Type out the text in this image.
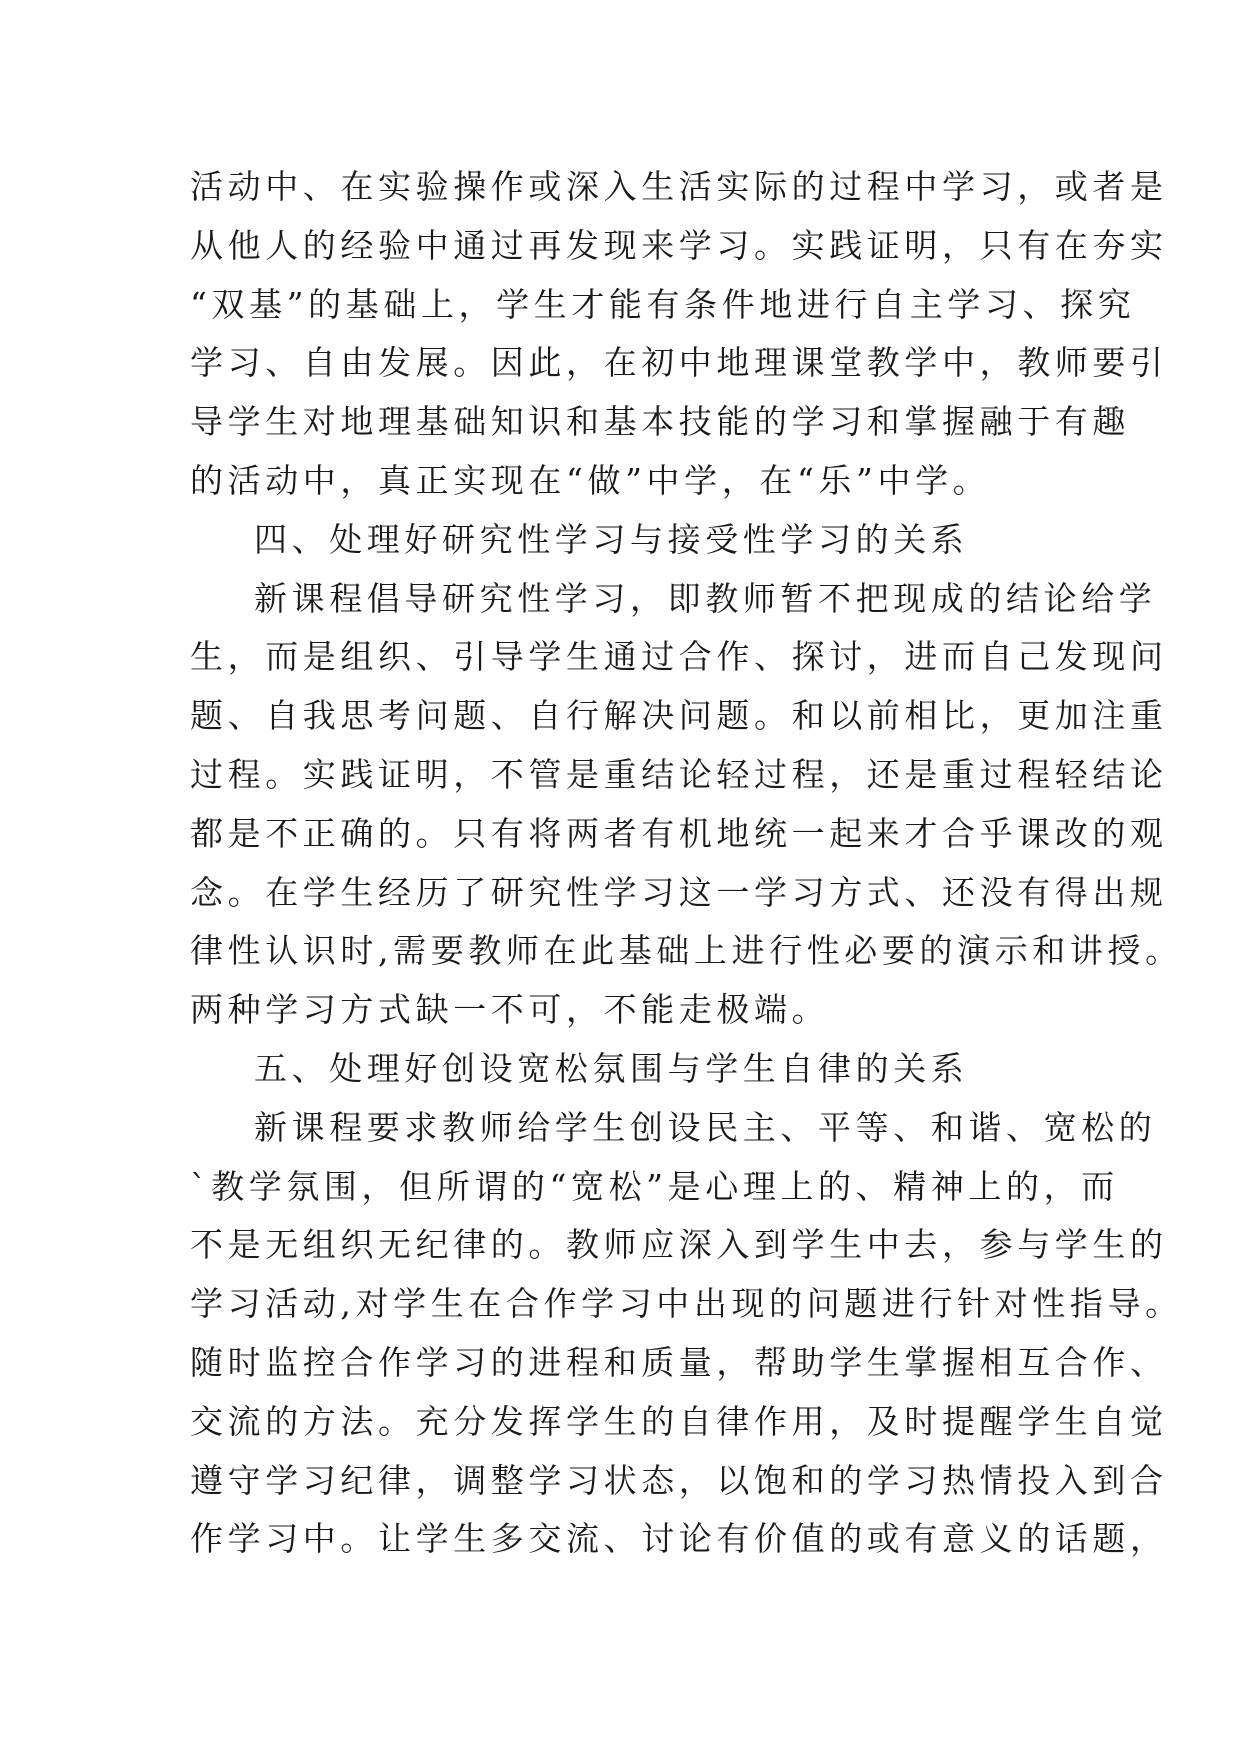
活动中、在实验操作或深入生活实际的过程中学习，或者是
从他人的经验中通过再发现来学习。实践证明，只有在夯实
“双基”的基础上，学生才能有条件地进行自主学习、探究
学习、自由发展。因此，在初中地理课堂教学中，教师要引
导学生对地理基础知识和基本技能的学习和掌握融于有趣
的活动中，真正实现在“做”中学，在“乐”中学。
四、处理好研究性学习与接受性学习的关系
新课程倡导研究性学习，即教师暂不把现成的结论给学
生，而是组织、引导学生通过合作、探讨，进而自己发现问
题、自我思考问题、自行解决问题。和以前相比，更加注重
过程。实践证明，不管是重结论轻过程，还是重过程轻结论
都是不正确的。只有将两者有机地统一起来才合乎课改的观
念。在学生经历了研究性学习这一学习方式、还没有得出规
律性认识时,需要教师在此基础上进行性必要的演示和讲授。
两种学习方式缺一不可，不能走极端。
五、处理好创设宽松氛围与学生自律的关系
新课程要求教师给学生创设民主、平等、和谐、宽松的
`教学氛围，但所谓的“宽松”是心理上的、精神上的，而
不是无组织无纪律的。教师应深入到学生中去，参与学生的
学习活动,对学生在合作学习中出现的问题进行针对性指导。
随时监控合作学习的进程和质量，帮助学生掌握相互合作、
交流的方法。充分发挥学生的自律作用，及时提醒学生自觉
遵守学习纪律，调整学习状态，以饱和的学习热情投入到合
作学习中。让学生多交流、讨论有价值的或有意义的话题，
